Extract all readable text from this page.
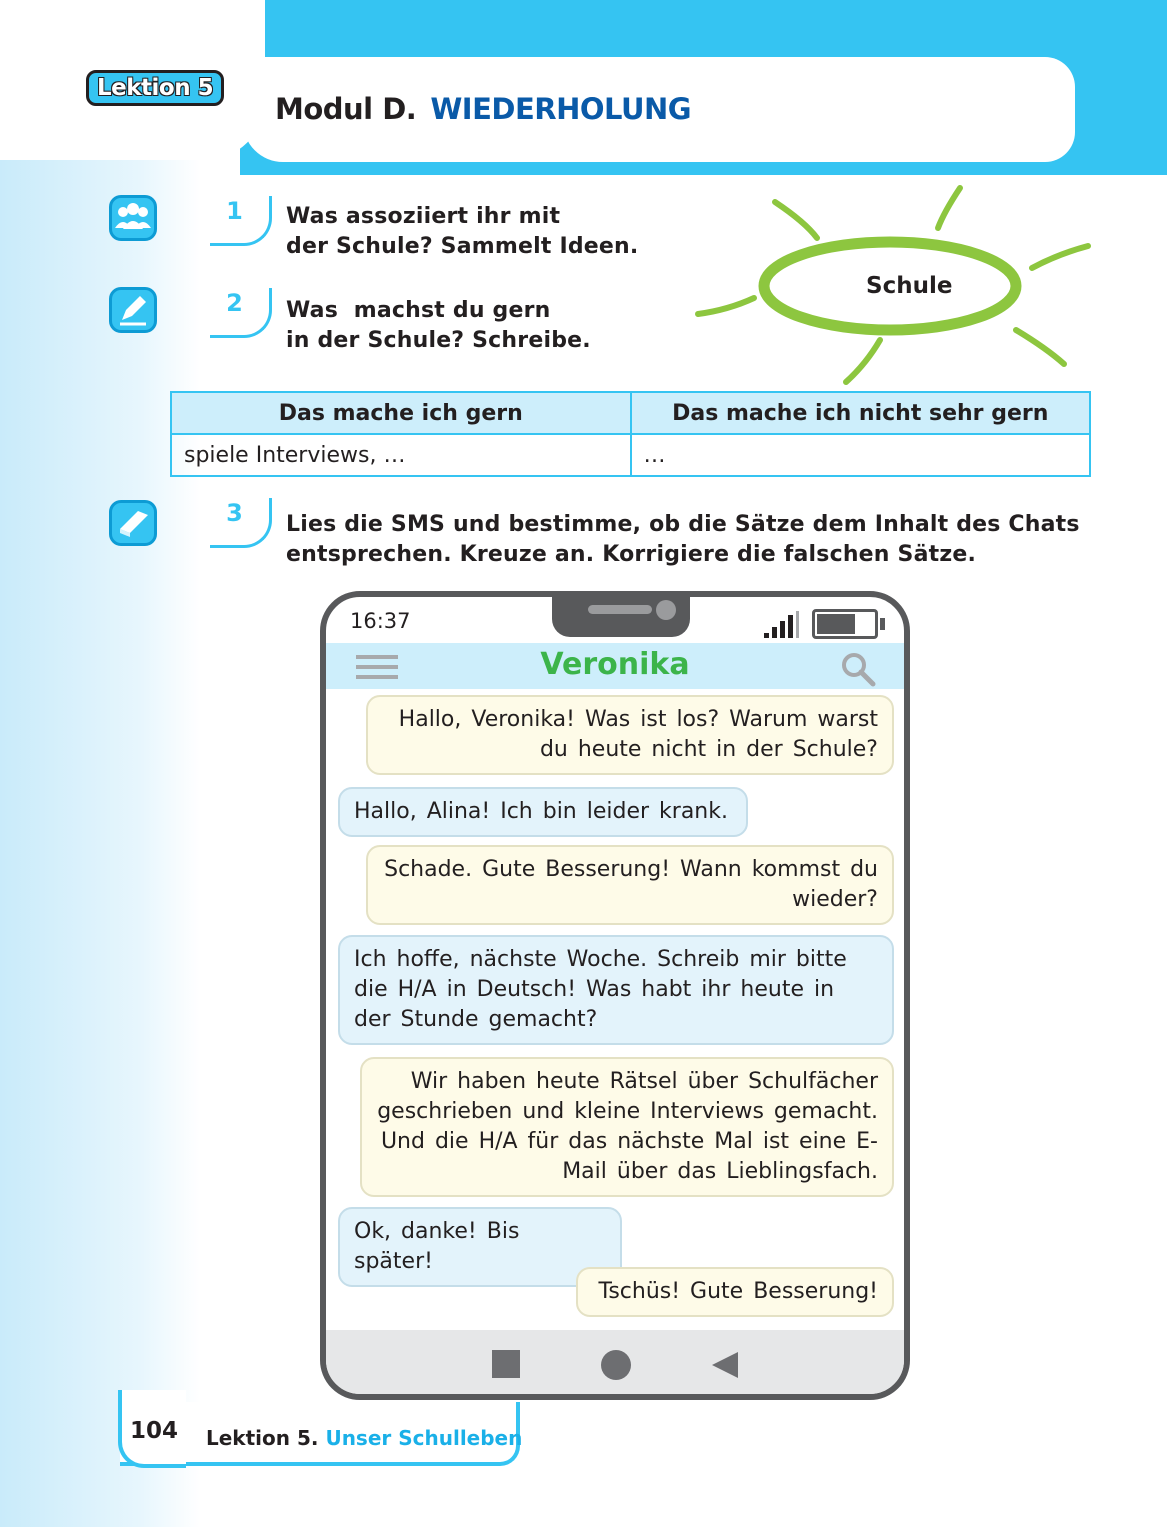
Lektion 5
Modul D. WIEDERHOLUNG
1	Was assoziiert ihr mit
der Schule? Sammelt Ideen.
2	Was  machst du gern
in der Schule? Schreibe.
Schule
Das mache ich gern	Das mache ich nicht sehr gern
spiele Interviews, …	…
3	Lies die SMS und bestimme, ob die Sätze dem Inhalt des Chats
entsprechen. Kreuze an. Korrigiere die falschen Sätze.
16:37
Veronika
Hallo, Veronika! Was ist los? Warum warst du heute nicht in der Schule?
Hallo, Alina! Ich bin leider krank.
Schade. Gute Besserung! Wann kommst du wieder?
Ich hoffe, nächste Woche. Schreib mir bitte die H/A in Deutsch! Was habt ihr heute in der Stunde gemacht?
Wir haben heute Rätsel über Schulfächer geschrieben und kleine Interviews gemacht. Und die H/A für das nächste Mal ist eine E-Mail über das Lieblingsfach.
Ok, danke! Bis später!
Tschüs! Gute Besserung!
104 Lektion 5. Unser Schulleben
